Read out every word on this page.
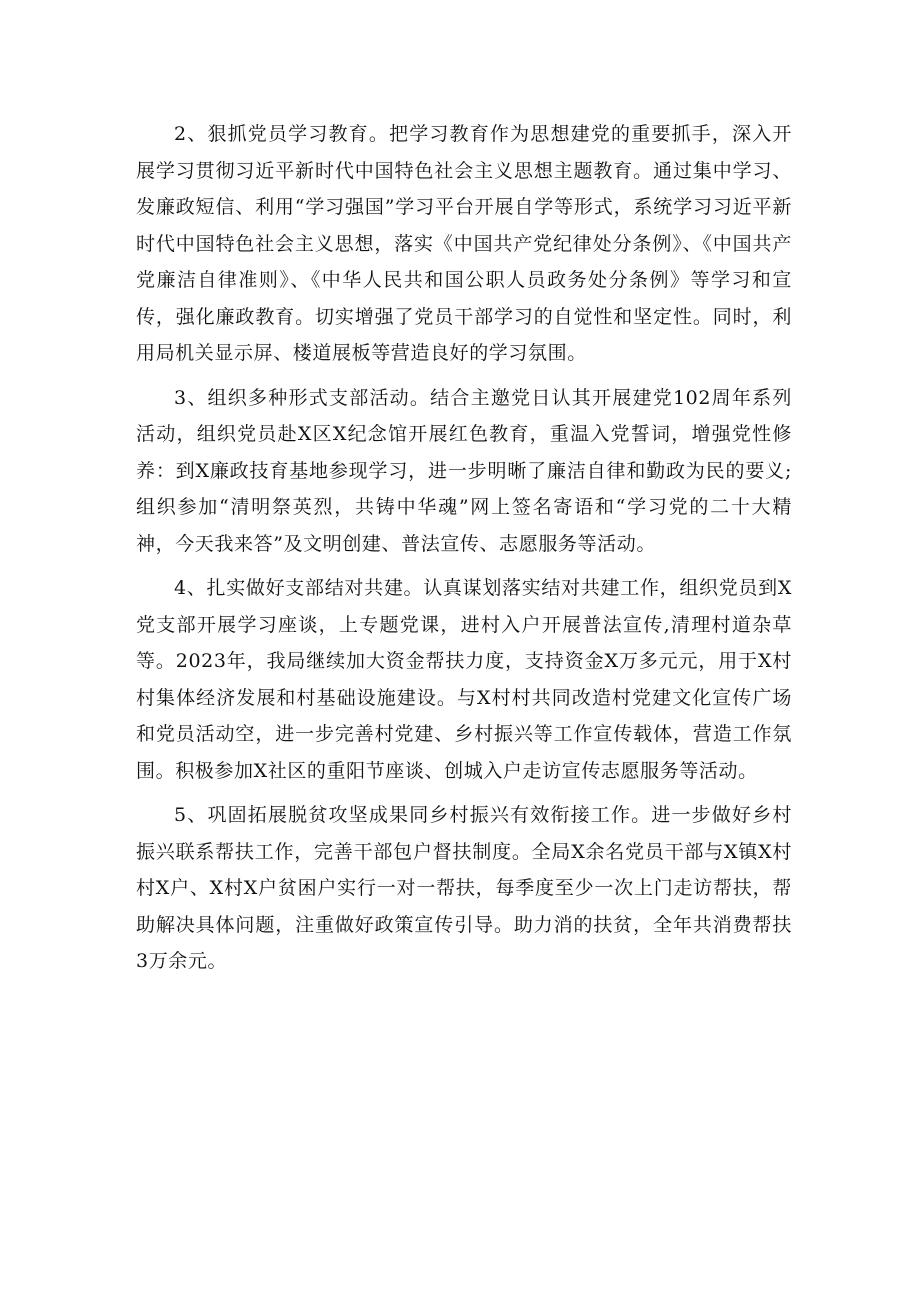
2、狠抓党员学习教育。把学习教育作为思想建党的重要抓手，深入开展学习贯彻习近平新时代中国特色社会主义思想主题教育。通过集中学习、发廉政短信、利用“学习强国”学习平台开展自学等形式，系统学习习近平新时代中国特色社会主义思想，落实《中国共产党纪律处分条例》、《中国共产党廉洁自律准则》、《中华人民共和国公职人员政务处分条例》等学习和宣传，强化廉政教育。切实增强了党员干部学习的自觉性和坚定性。同时，利用局机关显示屏、楼道展板等营造良好的学习氛围。

3、组织多种形式支部活动。结合主邀党日认其开展建党102周年系列活动，组织党员赴X区X纪念馆开展红色教育，重温入党誓词，增强党性修养：到X廉政技育基地参现学习，进一步明晰了廉洁自律和勤政为民的要义;组织参加“清明祭英烈，共铸中华魂”网上签名寄语和“学习党的二十大精神，今天我来答”及文明创建、普法宣传、志愿服务等活动。

4、扎实做好支部结对共建。认真谋划落实结对共建工作，组织党员到X党支部开展学习座谈，上专题党课，进村入户开展普法宣传,清理村道杂草等。2023年，我局继续加大资金帮扶力度，支持资金X万多元元，用于X村村集体经济发展和村基础设施建设。与X村村共同改造村党建文化宣传广场和党员活动空，进一步完善村党建、乡村振兴等工作宣传载体，营造工作氛围。积极参加X社区的重阳节座谈、创城入户走访宣传志愿服务等活动。

5、巩固拓展脱贫攻坚成果同乡村振兴有效衔接工作。进一步做好乡村振兴联系帮扶工作，完善干部包户督扶制度。全局X余名党员干部与X镇X村村X户、X村X户贫困户实行一对一帮扶，每季度至少一次上门走访帮扶，帮助解决具体问题，注重做好政策宣传引导。助力消的扶贫，全年共消费帮扶3万余元。
